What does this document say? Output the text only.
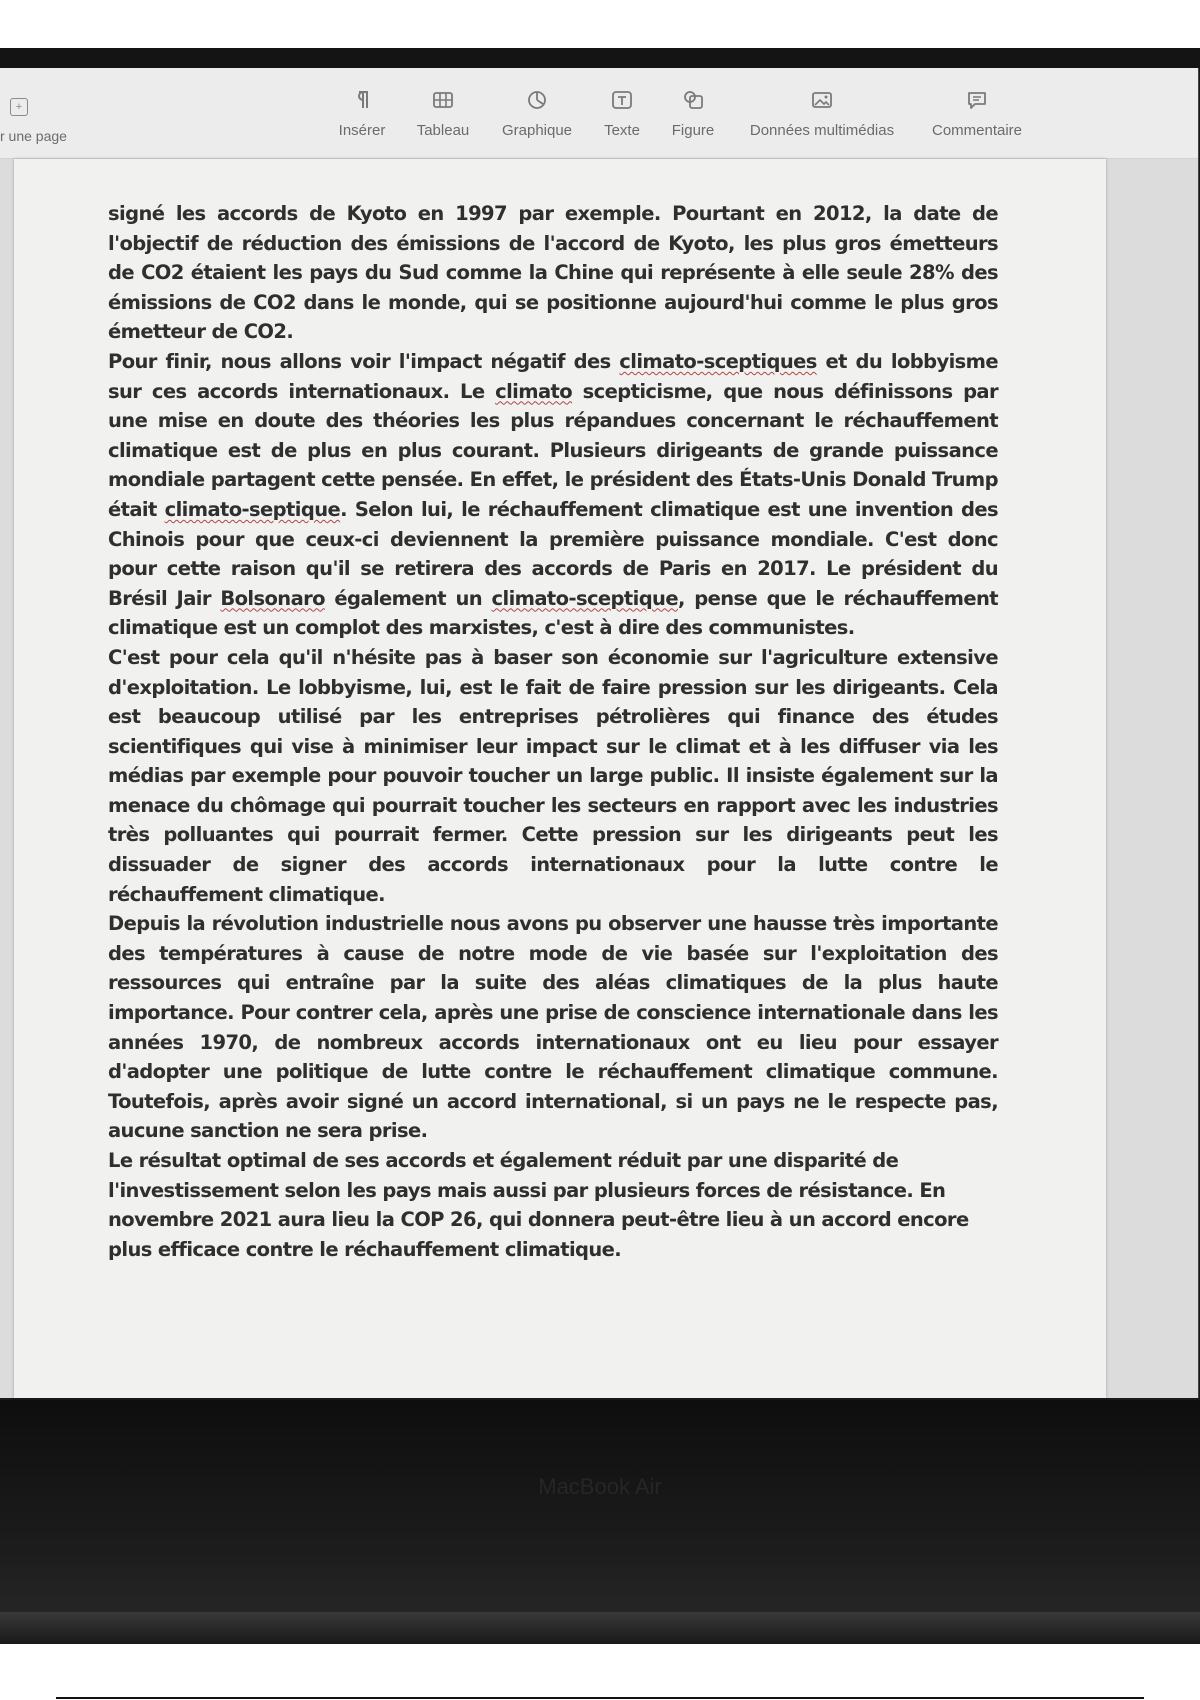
+
r une page	Insérer	Tableau	Graphique	Texte	Figure	Données multimédias	Commentaire

signé les accords de Kyoto en 1997 par exemple. Pourtant en 2012, la date de l'objectif de réduction des émissions de l'accord de Kyoto, les plus gros émetteurs de CO2 étaient les pays du Sud comme la Chine qui représente à elle seule 28% des émissions de CO2 dans le monde, qui se positionne aujourd'hui comme le plus gros émetteur de CO2.

Pour finir, nous allons voir l'impact négatif des climato-sceptiques et du lobbyisme sur ces accords internationaux. Le climato scepticisme, que nous définissons par une mise en doute des théories les plus répandues concernant le réchauffement climatique est de plus en plus courant. Plusieurs dirigeants de grande puissance mondiale partagent cette pensée. En effet, le président des États-Unis Donald Trump était climato-septique. Selon lui, le réchauffement climatique est une invention des Chinois pour que ceux-ci deviennent la première puissance mondiale. C'est donc pour cette raison qu'il se retirera des accords de Paris en 2017. Le président du Brésil Jair Bolsonaro également un climato-sceptique, pense que le réchauffement climatique est un complot des marxistes, c'est à dire des communistes.

C'est pour cela qu'il n'hésite pas à baser son économie sur l'agriculture extensive d'exploitation. Le lobbyisme, lui, est le fait de faire pression sur les dirigeants. Cela est beaucoup utilisé par les entreprises pétrolières qui finance des études scientifiques qui vise à minimiser leur impact sur le climat et à les diffuser via les médias par exemple pour pouvoir toucher un large public. Il insiste également sur la menace du chômage qui pourrait toucher les secteurs en rapport avec les industries très polluantes qui pourrait fermer. Cette pression sur les dirigeants peut les dissuader de signer des accords internationaux pour la lutte contre le réchauffement climatique.

Depuis la révolution industrielle nous avons pu observer une hausse très importante des températures à cause de notre mode de vie basée sur l'exploitation des ressources qui entraîne par la suite des aléas climatiques de la plus haute importance. Pour contrer cela, après une prise de conscience internationale dans les années 1970, de nombreux accords internationaux ont eu lieu pour essayer d'adopter une politique de lutte contre le réchauffement climatique commune. Toutefois, après avoir signé un accord international, si un pays ne le respecte pas, aucune sanction ne sera prise.

Le résultat optimal de ses accords et également réduit par une disparité de l'investissement selon les pays mais aussi par plusieurs forces de résistance. En novembre 2021 aura lieu la COP 26, qui donnera peut-être lieu à un accord encore plus efficace contre le réchauffement climatique.

MacBook Air
